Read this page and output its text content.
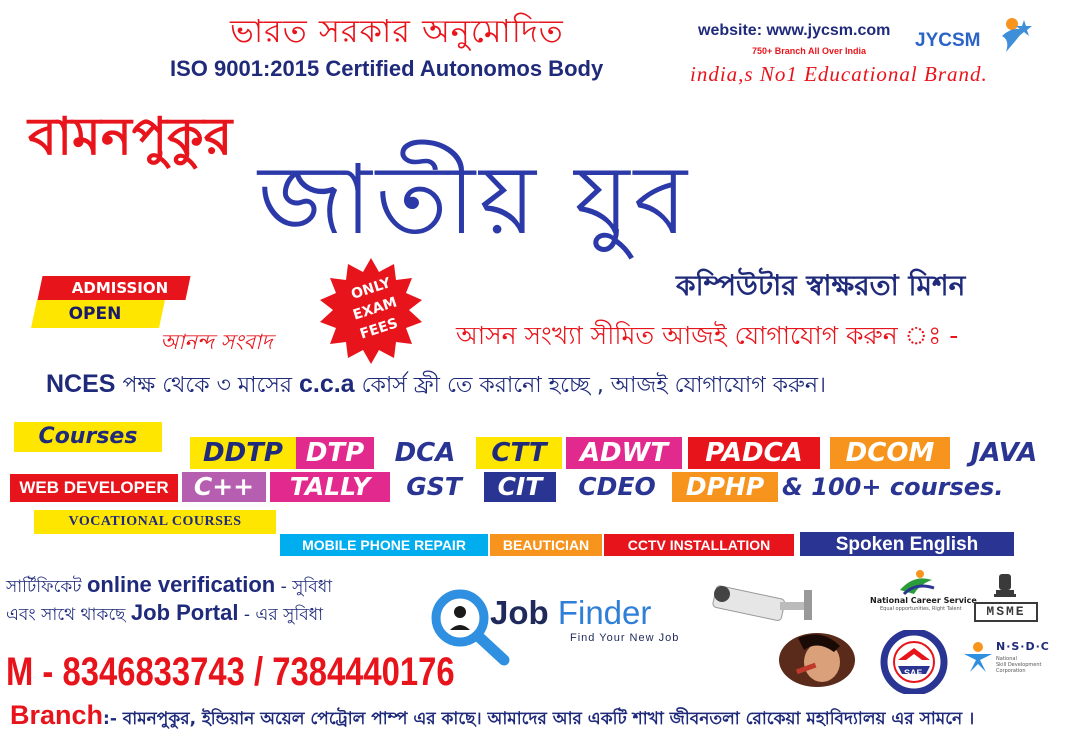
ভারত সরকার অনুমোদিত
ISO 9001:2015 Certified Autonomos Body
website: www.jycsm.com
750+ Branch All Over India	JYCSM
india,s No1 Educational Brand.
বামনপুকুর
জাতীয় যুব
কম্পিউটার স্বাক্ষরতা মিশন
ADMISSION
OPEN
ONLY
EXAM
FEES
আনন্দ সংবাদ	আসন সংখ্যা সীমিত আজই যোগাযোগ করুন ঃ -
NCES পক্ষ থেকে ৩ মাসের c.c.a কোর্স ফ্রী তে করানো হচ্ছে , আজই যোগাযোগ করুন।
Courses
DDTP DTP	DCA	CTT	ADWT	PADCA	DCOM	JAVA
WEB DEVELOPER	C++	TALLY	GST	CIT	CDEO	DPHP & 100+ courses.
VOCATIONAL COURSES
MOBILE PHONE REPAIR	BEAUTICIAN	CCTV INSTALLATION	Spoken English
সার্টিফিকেট online verification - সুবিধা
এবং সাথে থাকছে Job Portal - এর সুবিধা	Job Finder
Find Your New Job
National Career Service
Equal opportunities, Right Talent	MSME
SAF
N·S·D·C
National
Skill Development
Corporation
M - 8346833743 / 7384440176
Branch:- বামনপুকুর, ইন্ডিয়ান অয়েল পেট্রোল পাম্প এর কাছে। আমাদের আর একটি শাখা জীবনতলা রোকেয়া মহাবিদ্যালয় এর সামনে ।
